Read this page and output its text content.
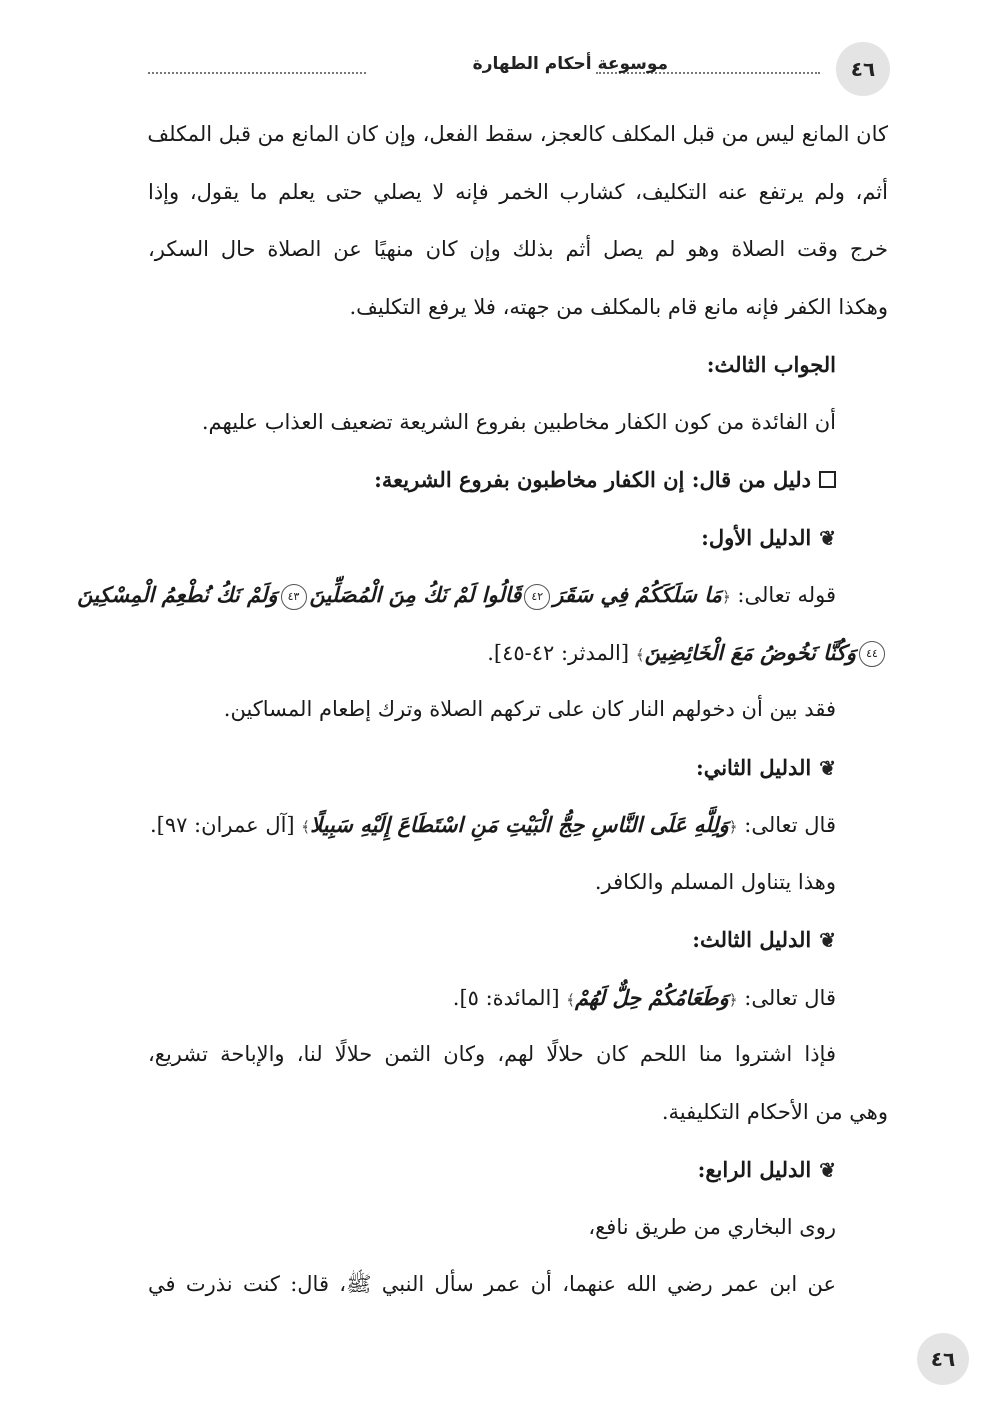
٤٦
موسوعة أحكام الطهارة
كان المانع ليس من قبل المكلف كالعجز، سقط الفعل، وإن كان المانع من قبل المكلف
أثم، ولم يرتفع عنه التكليف، كشارب الخمر فإنه لا يصلي حتى يعلم ما يقول، وإذا
خرج وقت الصلاة وهو لم يصل أثم بذلك وإن كان منهيًا عن الصلاة حال السكر،
وهكذا الكفر فإنه مانع قام بالمكلف من جهته، فلا يرفع التكليف.
الجواب الثالث:
أن الفائدة من كون الكفار مخاطبين بفروع الشريعة تضعيف العذاب عليهم.
دليل من قال: إن الكفار مخاطبون بفروع الشريعة:
❦الدليل الأول:
قوله تعالى: ﴿مَا سَلَكَكُمْ فِي سَقَرَ٤٢قَالُوا لَمْ نَكُ مِنَ الْمُصَلِّينَ٤٣وَلَمْ نَكُ نُطْعِمُ الْمِسْكِينَ
٤٤وَكُنَّا نَخُوضُ مَعَ الْخَائِضِينَ﴾ [المدثر: ٤٢-٤٥].
فقد بين أن دخولهم النار كان على تركهم الصلاة وترك إطعام المساكين.
❦الدليل الثاني:
قال تعالى: ﴿وَلِلَّهِ عَلَى النَّاسِ حِجُّ الْبَيْتِ مَنِ اسْتَطَاعَ إِلَيْهِ سَبِيلًا﴾ [آل عمران: ٩٧].
وهذا يتناول المسلم والكافر.
❦الدليل الثالث:
قال تعالى: ﴿وَطَعَامُكُمْ حِلٌّ لَهُمْ﴾ [المائدة: ٥].
فإذا اشتروا منا اللحم كان حلالًا لهم، وكان الثمن حلالًا لنا، والإباحة تشريع،
وهي من الأحكام التكليفية.
❦الدليل الرابع:
روى البخاري من طريق نافع،
عن ابن عمر رضي الله عنهما، أن عمر سأل النبي ﷺ، قال: كنت نذرت في
٤٦
